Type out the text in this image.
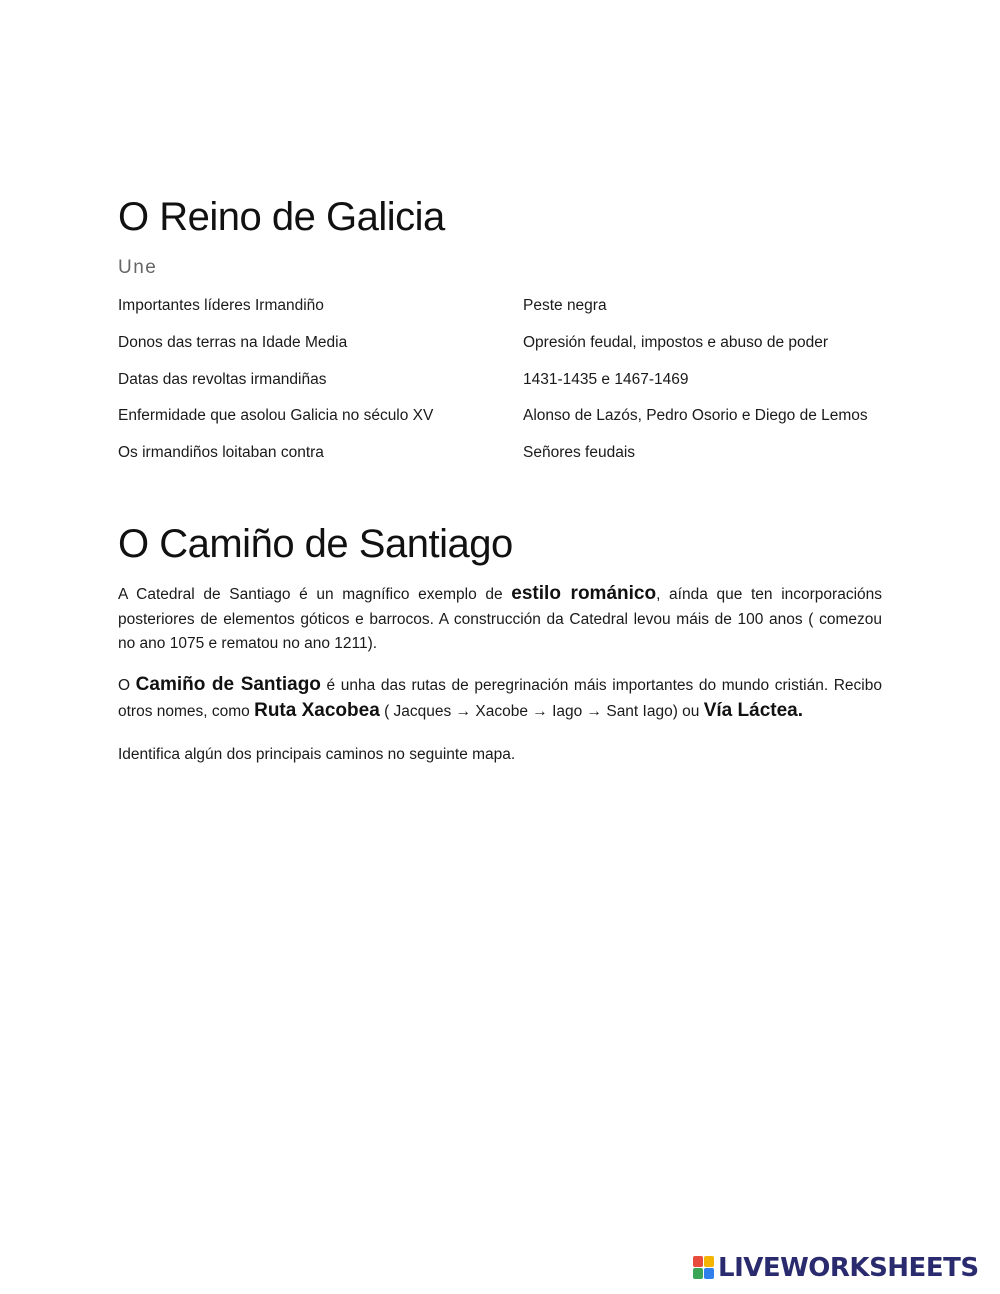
O Reino de Galicia
Une
Importantes líderes Irmandiño	Peste negra
Donos das terras na Idade Media	Opresión feudal, impostos e abuso de poder
Datas das revoltas irmandiñas	1431-1435 e 1467-1469
Enfermidade que asolou Galicia no século XV	Alonso de Lazós, Pedro Osorio e Diego de Lemos
Os irmandiños loitaban contra	Señores feudais
O Camiño de Santiago
A Catedral de Santiago é un magnífico exemplo de estilo románico, aínda que ten incorporacións posteriores de elementos góticos e barrocos. A construcción da Catedral levou máis de 100 anos ( comezou no ano 1075 e rematou no ano 1211).
O Camiño de Santiago é unha das rutas de peregrinación máis importantes do mundo cristián. Recibo otros nomes, como Ruta Xacobea ( Jacques → Xacobe → Iago → Sant Iago) ou Vía Láctea.
Identifica algún dos principais caminos no seguinte mapa.
LIVEWORKSHEETS
